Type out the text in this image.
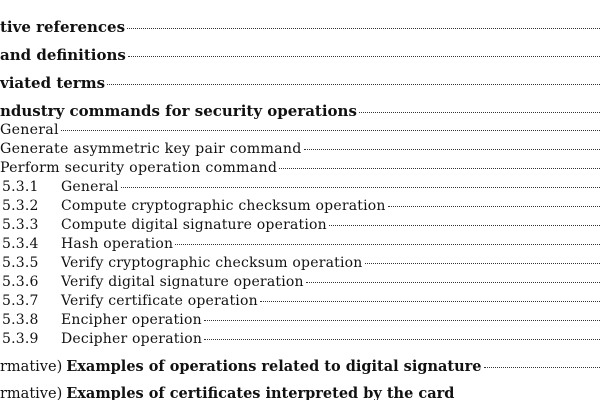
tive references
and definitions
viated terms
ndustry commands for security operations
General
Generate asymmetric key pair command
Perform security operation command
5.3.1	General
5.3.2	Compute cryptographic checksum operation
5.3.3	Compute digital signature operation
5.3.4	Hash operation
5.3.5	Verify cryptographic checksum operation
5.3.6	Verify digital signature operation
5.3.7	Verify certificate operation
5.3.8	Encipher operation
5.3.9	Decipher operation
rmative) Examples of operations related to digital signature
rmative) Examples of certificates interpreted by the card
